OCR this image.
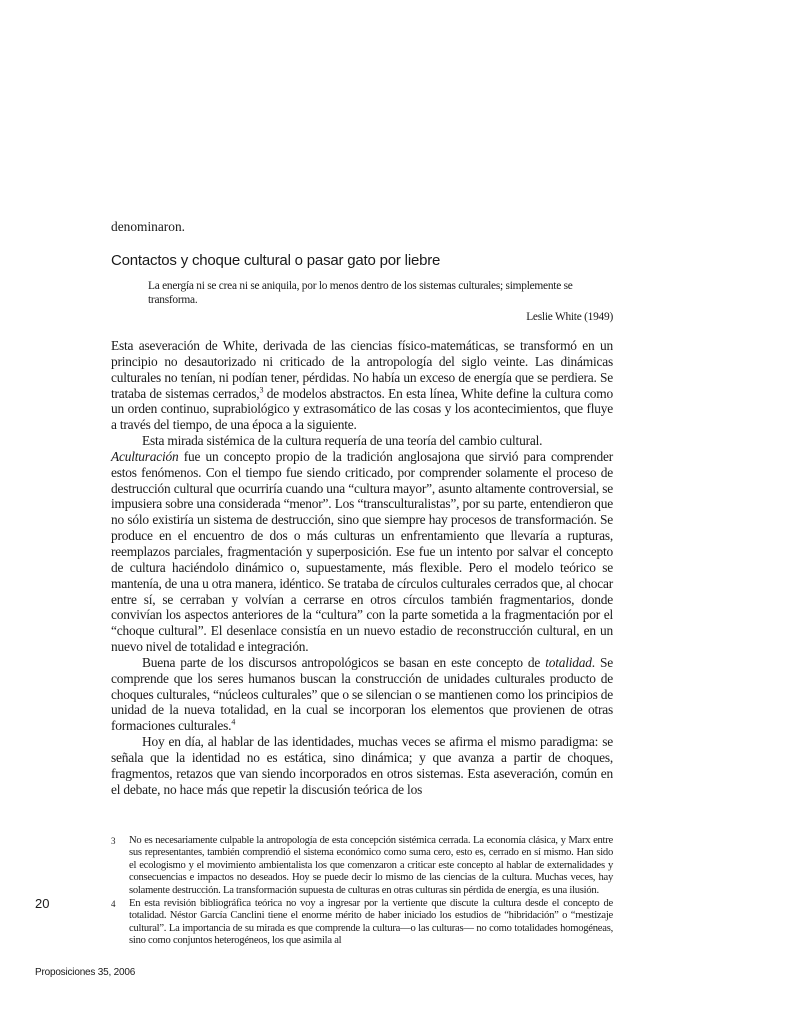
denominaron.
Contactos y choque cultural o pasar gato por liebre
La energía ni se crea ni se aniquila, por lo menos dentro de los sistemas culturales; simplemente se transforma.
Leslie White (1949)

Esta aseveración de White, derivada de las ciencias físico-matemáticas, se transformó en un principio no desautorizado ni criticado de la antropología del siglo veinte. Las dinámicas culturales no tenían, ni podían tener, pérdidas. No había un exceso de energía que se perdiera. Se trataba de sistemas cerrados,$^3$ de modelos abstractos. En esta línea, White define la cultura como un orden continuo, suprabiológico y extrasomático de las cosas y los acontecimientos, que fluye a través del tiempo, de una época a la siguiente.

Esta mirada sistémica de la cultura requería de una teoría del cambio cultural.

Aculturación fue un concepto propio de la tradición anglosajona que sirvió para comprender estos fenómenos. Con el tiempo fue siendo criticado, por comprender solamente el proceso de destrucción cultural que ocurriría cuando una “cultura mayor”, asunto altamente controversial, se impusiera sobre una considerada “menor”. Los “transculturalistas”, por su parte, entendieron que no sólo existiría un sistema de destrucción, sino que siempre hay procesos de transformación. Se produce en el encuentro de dos o más culturas un enfrentamiento que llevaría a rupturas, reemplazos parciales, fragmentación y superposición. Ese fue un intento por salvar el concepto de cultura haciéndolo dinámico o, supuestamente, más flexible. Pero el modelo teórico se mantenía, de una u otra manera, idéntico. Se trataba de círculos culturales cerrados que, al chocar entre sí, se cerraban y volvían a cerrarse en otros círculos también fragmentarios, donde convivían los aspectos anteriores de la “cultura” con la parte sometida a la fragmentación por el “choque cultural”. El desenlace consistía en un nuevo estadio de reconstrucción cultural, en un nuevo nivel de totalidad e integración.

Buena parte de los discursos antropológicos se basan en este concepto de totalidad. Se comprende que los seres humanos buscan la construcción de unidades culturales producto de choques culturales, “núcleos culturales” que o se silencian o se mantienen como los principios de unidad de la nueva totalidad, en la cual se incorporan los elementos que provienen de otras formaciones culturales.$^4$

Hoy en día, al hablar de las identidades, muchas veces se afirma el mismo paradigma: se señala que la identidad no es estática, sino dinámica; y que avanza a partir de choques, fragmentos, retazos que van siendo incorporados en otros sistemas. Esta aseveración, común en el debate, no hace más que repetir la discusión teórica de los

3 No es necesariamente culpable la antropología de esta concepción sistémica cerrada. La economía clásica, y Marx entre sus representantes, también comprendió el sistema económico como suma cero, esto es, cerrado en sí mismo. Han sido el ecologismo y el movimiento ambientalista los que comenzaron a criticar este concepto al hablar de externalidades y consecuencias e impactos no deseados. Hoy se puede decir lo mismo de las ciencias de la cultura. Muchas veces, hay solamente destrucción. La transformación supuesta de culturas en otras culturas sin pérdida de energía, es una ilusión.
4 En esta revisión bibliográfica teórica no voy a ingresar por la vertiente que discute la cultura desde el concepto de totalidad. Néstor García Canclini tiene el enorme mérito de haber iniciado los estudios de “hibridación” o “mestizaje cultural”. La importancia de su mirada es que comprende la cultura—o las culturas— no como totalidades homogéneas, sino como conjuntos heterogéneos, los que asimila al
20
Proposiciones 35, 2006
